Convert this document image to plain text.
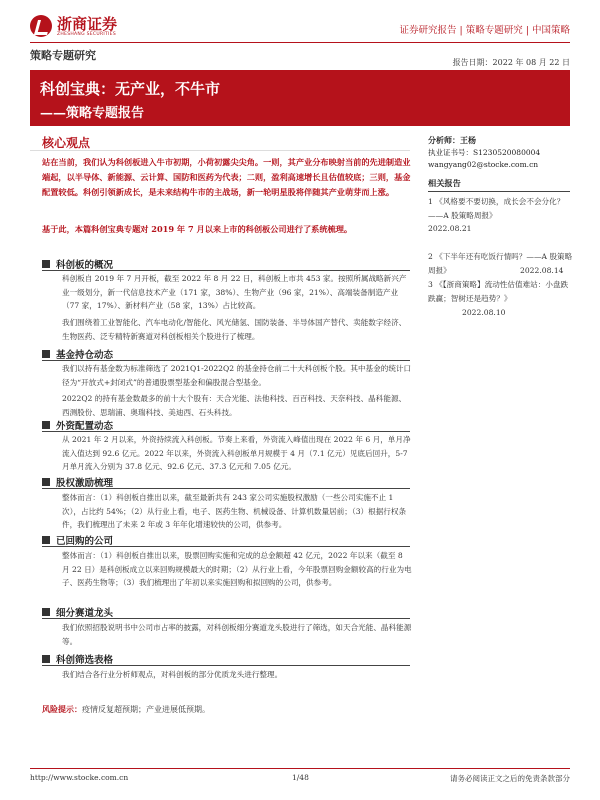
浙商证券
ZHESHANG SECURITIES	证券研究报告 | 策略专题研究 | 中国策略
策略专题研究
报告日期：2022 年 08 月 22 日
科创宝典：无产业，不牛市
——策略专题报告
核心观点
站在当前，我们认为科创板进入牛市初期，小荷初露尖尖角。一则，其产业分布映射当前的先进制造业端起，以半导体、新能源、云计算、国防和医药为代表；二则，盈利高速增长且估值较底；三则，基金配置较低。科创引领新成长，是未来结构牛市的主战场，新一轮明星股将伴随其产业萌芽而上涨。
基于此，本篇科创宝典专题对 2019 年 7 月以来上市的科创板公司进行了系统梳理。
科创板的概况
科创板自 2019 年 7 月开板，截至 2022 年 8 月 22 日，科创板上市共 453 家。按照所属战略新兴产业一级划分，新一代信息技术产业（171 家，38%）、生物产业（96 家，21%）、高端装备制造产业（77 家，17%）、新材料产业（58 家，13%）占比较高。
我们围绕着工业智能化、汽车电动化/智能化、风光储氢、国防装备、半导体国产替代、卖能数字经济、生物医药、泛专精特新赛道对科创板相关个股进行了梳理。
基金持仓动态
我们以持有基金数为标准筛选了 2021Q1-2022Q2 的基金持仓前二十大科创板个股。其中基金的统计口径为“开放式+封闭式”的普通股票型基金和偏股混合型基金。
2022Q2 的持有基金数最多的前十大个股有：天合光能、法他科技、百百科技、天奈科技、晶科能源、西测股份、思瑞浦、奥瑞科技、美迪西、石头科技。
外资配置动态
从 2021 年 2 月以来，外资持续流入科创板。节奏上来看，外资流入峰值出现在 2022 年 6 月，单月净流入值达到 92.6 亿元。2022 年以来，外资流入科创板单月规模于 4 月（7.1 亿元）见底后回升，5-7 月单月流入分别为 37.8 亿元、92.6 亿元、37.3 亿元和 7.05 亿元。
股权激励梳理
整体而言：（1）科创板自推出以来，截至最新共有 243 家公司实施股权激励（一些公司实施不止 1 次），占比约 54%；（2）从行业上看，电子、医药生物、机械设备、计算机数量居前；（3）根据行权条件，我们梳理出了未来 2 年或 3 年年化增速较快的公司，供参考。
已回购的公司
整体而言：（1）科创板自推出以来，股票回购实施和完成的总金额超 42 亿元，2022 年以来（截至 8 月 22 日）是科创板成立以来回购规模最大的时期；（2）从行业上看，今年股票回购金额较高的行业为电子、医药生物等；（3）我们梳理出了年初以来实施回购和拟回购的公司，供参考。
细分赛道龙头
我们依照招股说明书中公司市占率的披露，对科创板细分赛道龙头股进行了筛选，如天合光能、晶科能源等。
科创筛选表格
我们结合各行业分析师观点，对科创板的部分优质龙头进行整理。
分析师：王杨
执业证书号：S1230520080004
wangyang02@stocke.com.cn
相关报告
1 《风格要不要切换，成长会不会分化？——A 股策略周报》
2022.08.21
2 《下半年还有吃饭行情吗？——A 股策略周报》	2022.08.14
3 《【浙商策略】流动性估值难站：小盘跌跌赢；智树还是趋势？》
2022.08.10
风险提示：疫情反复超预期；产业进展低预期。
http://www.stocke.com.cn	1/48	请务必阅读正文之后的免责条款部分
